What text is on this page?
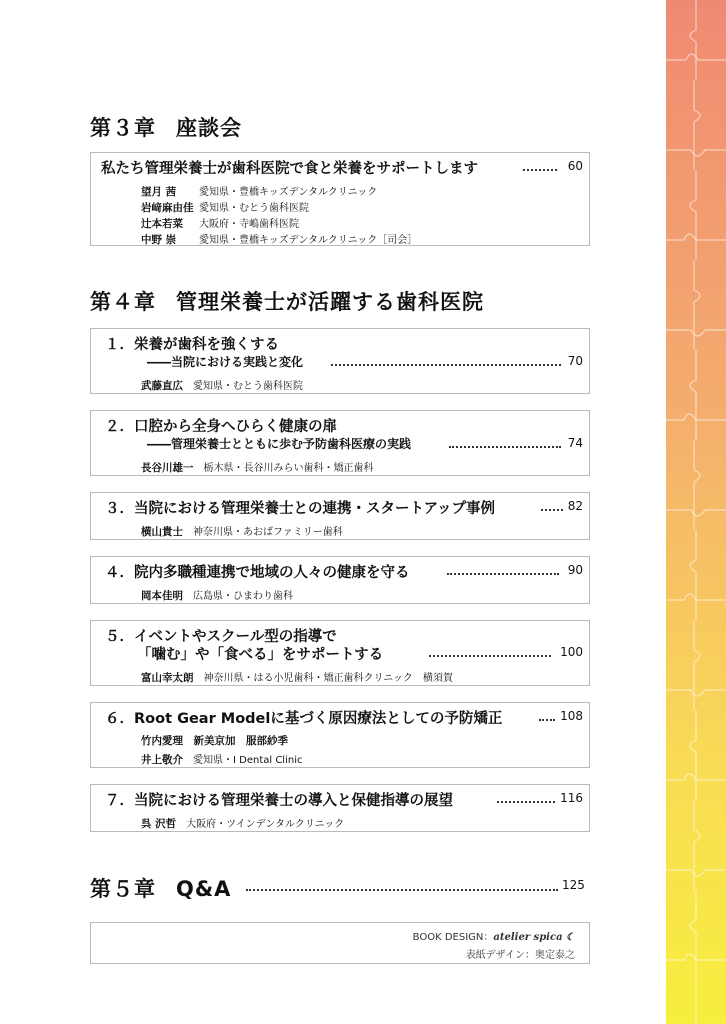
第３章 座談会
私たち管理栄養士が歯科医院で食と栄養をサポートします	60
望月 茜 愛知県・豊橋キッズデンタルクリニック
岩﨑麻由佳 愛知県・むとう歯科医院
辻本若菜 大阪府・寺嶋歯科医院
中野 崇 愛知県・豊橋キッズデンタルクリニック［司会］
第４章 管理栄養士が活躍する歯科医院
１．栄養が歯科を強くする
――当院における実践と変化	70
武藤直広 愛知県・むとう歯科医院
２．口腔から全身へひらく健康の扉
――管理栄養士とともに歩む予防歯科医療の実践	74
長谷川雄一 栃木県・長谷川みらい歯科・矯正歯科
３．当院における管理栄養士との連携・スタートアップ事例	82
横山貴士 神奈川県・あおばファミリー歯科
４．院内多職種連携で地域の人々の健康を守る	90
岡本佳明 広島県・ひまわり歯科
５．イベントやスクール型の指導で
「噛む」や「食べる」をサポートする	100
富山幸太朗 神奈川県・はる小児歯科・矯正歯科クリニック　横須賀
６．Root Gear Modelに基づく原因療法としての予防矯正	108
竹内愛理　新美京加　服部紗季
井上敬介 愛知県・I Dental Clinic
７．当院における管理栄養士の導入と保健指導の展望	116
呉 沢哲 大阪府・ツインデンタルクリニック
第５章 Q&A	125
BOOK DESIGN：atelier spica ☾
表紙デザイン：奥定泰之
